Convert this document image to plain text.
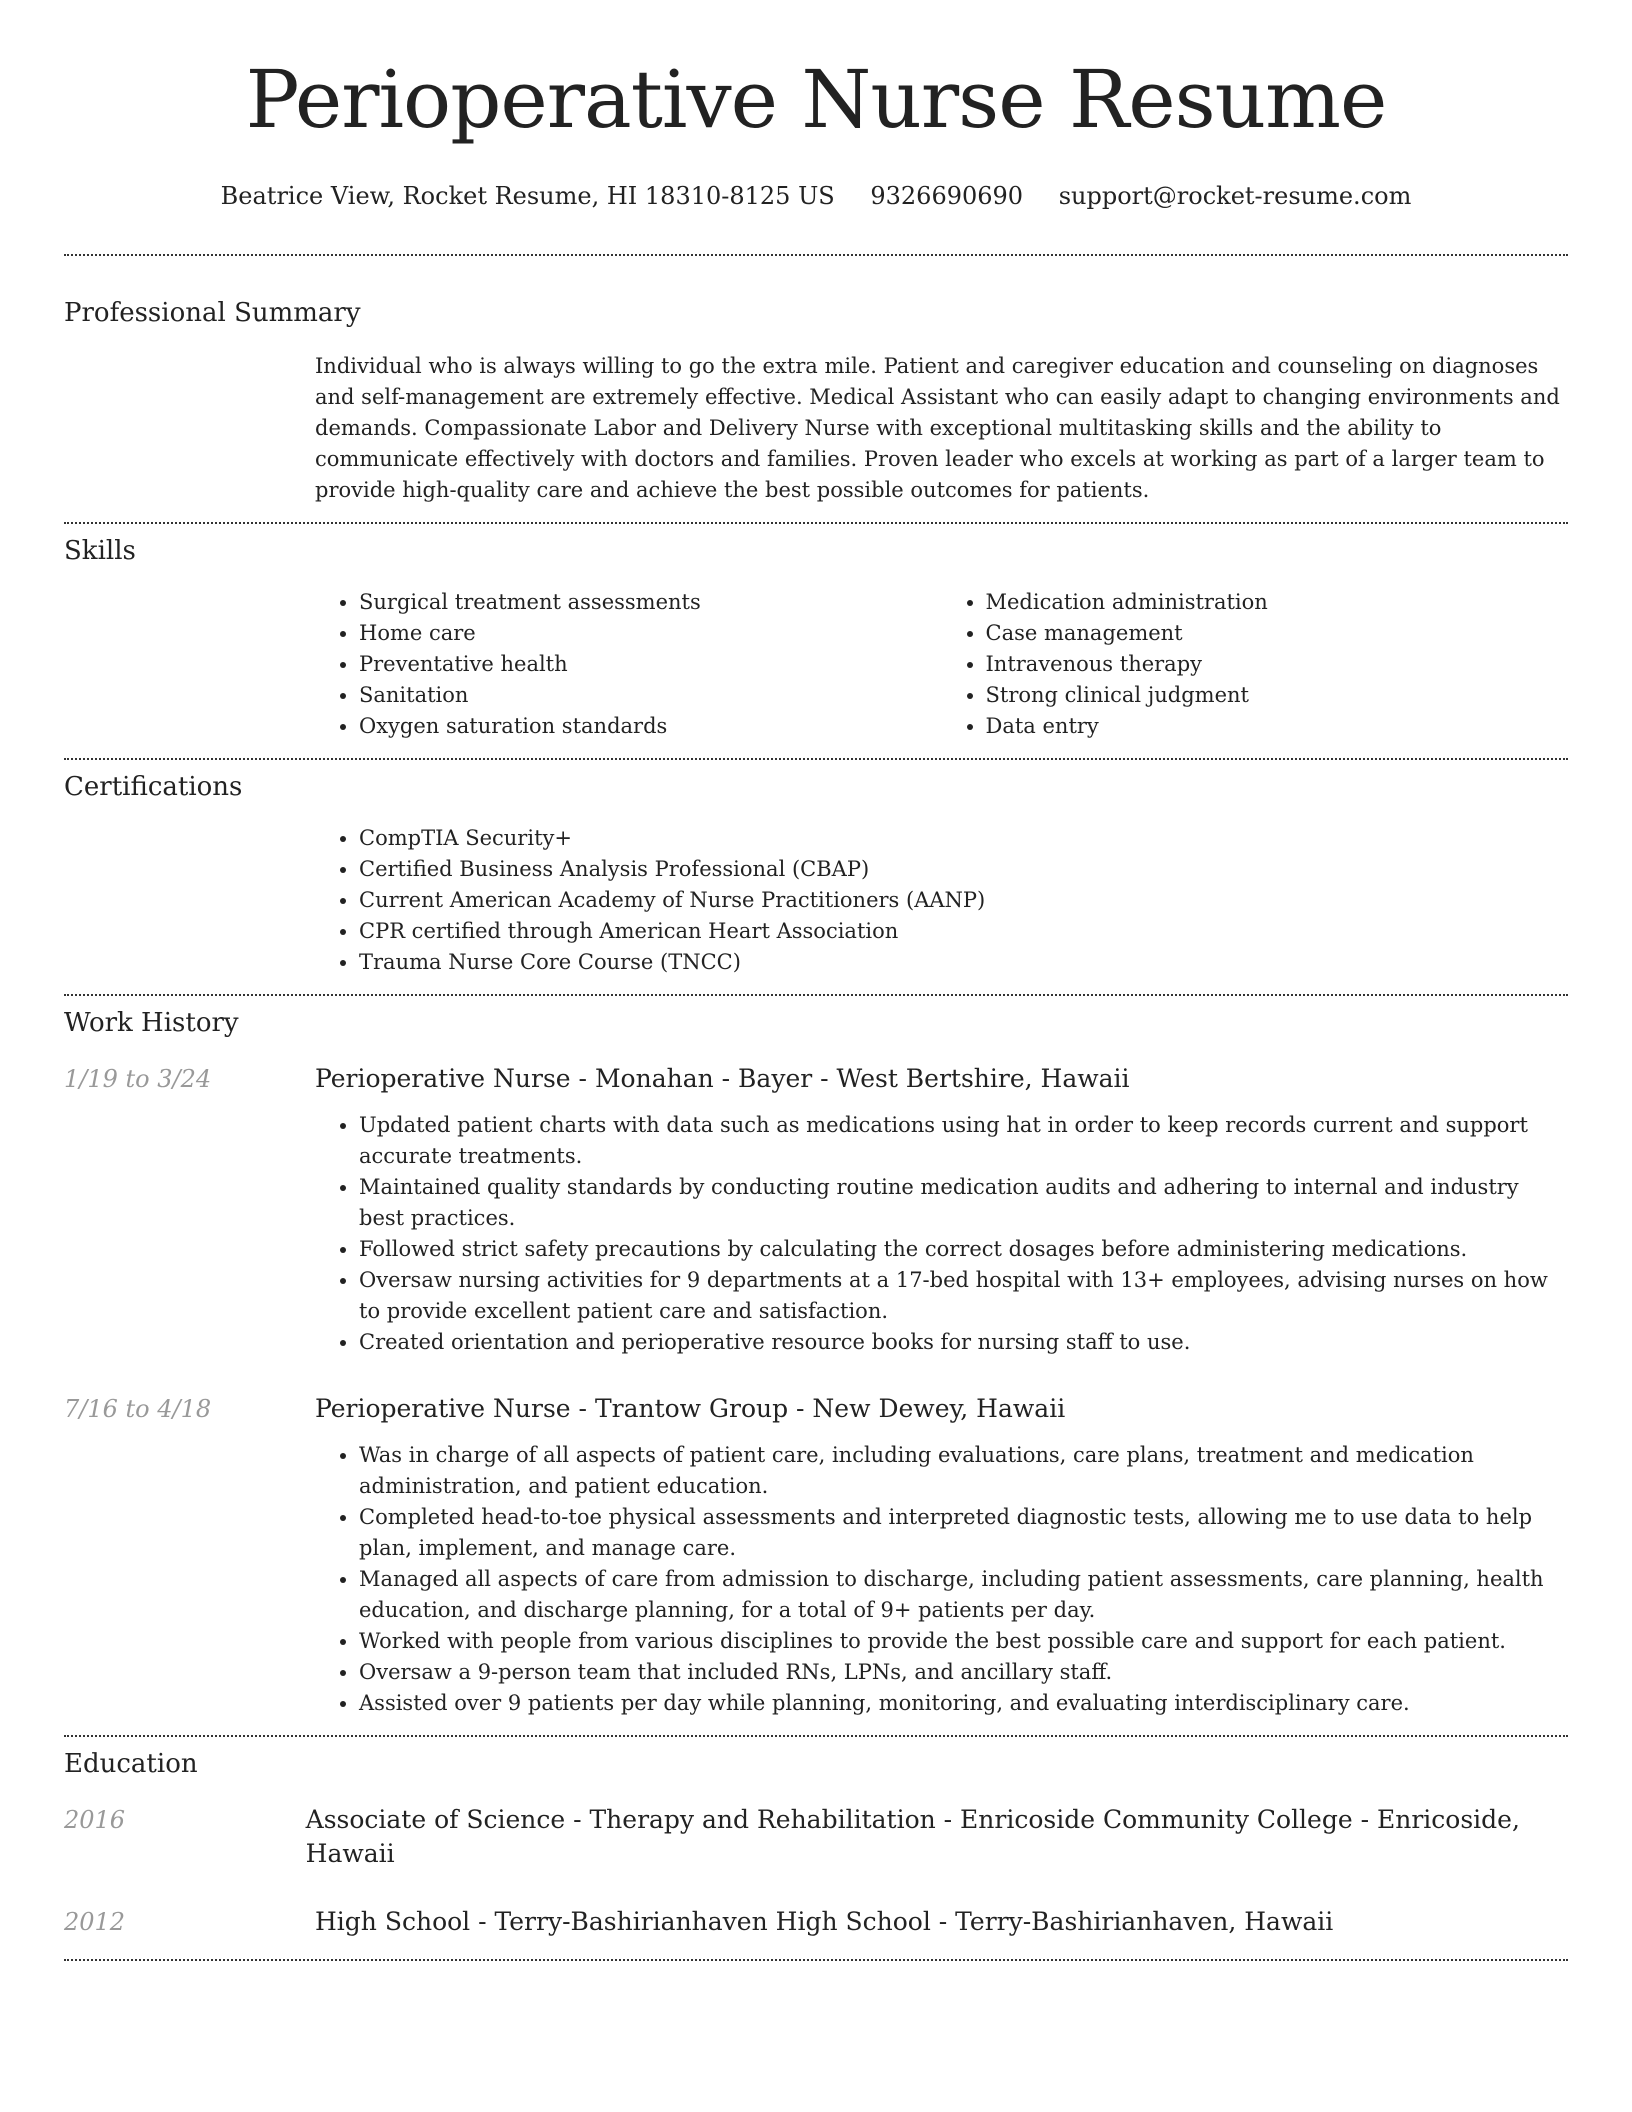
Perioperative Nurse Resume
Beatrice View, Rocket Resume, HI 18310-8125 US 9326690690 support@rocket-resume.com
Professional Summary

Individual who is always willing to go the extra mile. Patient and caregiver education and counseling on diagnoses and self-management are extremely effective. Medical Assistant who can easily adapt to changing environments and demands. Compassionate Labor and Delivery Nurse with exceptional multitasking skills and the ability to communicate effectively with doctors and families. Proven leader who excels at working as part of a larger team to provide high-quality care and achieve the best possible outcomes for patients.

Skills
• Surgical treatment assessments
• Home care
• Preventative health
• Sanitation
• Oxygen saturation standards
• Medication administration
• Case management
• Intravenous therapy
• Strong clinical judgment
• Data entry
Certifications
• CompTIA Security+
• Certified Business Analysis Professional (CBAP)
• Current American Academy of Nurse Practitioners (AANP)
• CPR certified through American Heart Association
• Trauma Nurse Core Course (TNCC)
Work History
1/19 to 3/24	Perioperative Nurse - Monahan - Bayer - West Bertshire, Hawaii
• Updated patient charts with data such as medications using hat in order to keep records current and support accurate treatments.
• Maintained quality standards by conducting routine medication audits and adhering to internal and industry best practices.
• Followed strict safety precautions by calculating the correct dosages before administering medications.
• Oversaw nursing activities for 9 departments at a 17-bed hospital with 13+ employees, advising nurses on how to provide excellent patient care and satisfaction.
• Created orientation and perioperative resource books for nursing staff to use.
7/16 to 4/18	Perioperative Nurse - Trantow Group - New Dewey, Hawaii
• Was in charge of all aspects of patient care, including evaluations, care plans, treatment and medication administration, and patient education.
• Completed head-to-toe physical assessments and interpreted diagnostic tests, allowing me to use data to help plan, implement, and manage care.
• Managed all aspects of care from admission to discharge, including patient assessments, care planning, health education, and discharge planning, for a total of 9+ patients per day.
• Worked with people from various disciplines to provide the best possible care and support for each patient.
• Oversaw a 9-person team that included RNs, LPNs, and ancillary staff.
• Assisted over 9 patients per day while planning, monitoring, and evaluating interdisciplinary care.
Education
2016	Associate of Science - Therapy and Rehabilitation - Enricoside Community College - Enricoside, Hawaii
2012	High School - Terry-Bashirianhaven High School - Terry-Bashirianhaven, Hawaii
